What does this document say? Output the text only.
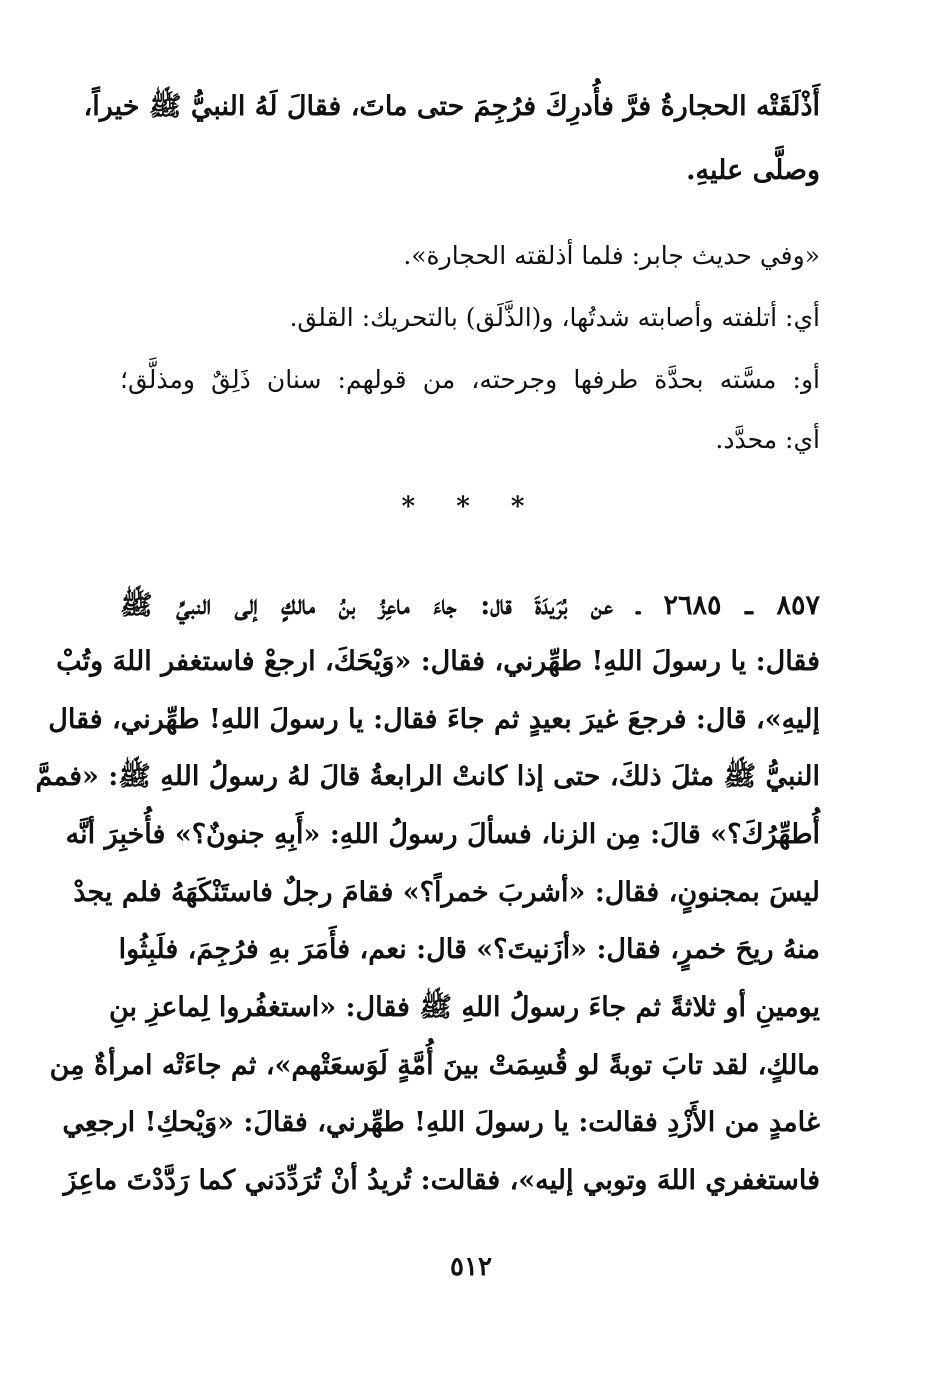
أَذْلَقَتْه الحجارةُ فرَّ فأُدرِكَ فرُجِمَ حتى ماتَ، فقالَ لَهُ النبيُّ ﷺ خيراً،
وصلَّى عليهِ.
«وفي حديث جابر: فلما أذلقته الحجارة».
أي: أتلفته وأصابته شدتُها، و(الذَّلَق) بالتحريك: القلق.
أو: مسَّته بحدَّة طرفها وجرحته، من قولهم: سنان ذَلِقٌ ومذلَّق؛
أي: محدَّد.
* * *
٨٥٧ ـ ٢٦٨٥ ـ عن بُرَيدَةَ قال: جاءَ ماعِزُ بنُ مالكٍ إلى النبيِّ ﷺ
فقال: يا رسولَ اللهِ! طهِّرني، فقال: «وَيْحَكَ، ارجعْ فاستغفر اللهَ وتُبْ
إليهِ»، قال: فرجعَ غيرَ بعيدٍ ثم جاءَ فقال: يا رسولَ اللهِ! طهِّرني، فقال
النبيُّ ﷺ مثلَ ذلكَ، حتى إذا كانتْ الرابعةُ قالَ لهُ رسولُ اللهِ ﷺ: «فممَّ
أُطهِّرُكَ؟» قالَ: مِن الزنا، فسألَ رسولُ اللهِ: «أَبِهِ جنونٌ؟» فأُخبِرَ أنَّه
ليسَ بمجنونٍ، فقال: «أشربَ خمراً؟» فقامَ رجلٌ فاستَنْكَهَهُ فلم يجدْ
منهُ ريحَ خمرٍ، فقال: «أزَنيتَ؟» قال: نعم، فأَمَرَ بهِ فرُجِمَ، فلَبِثُوا
يومينِ أو ثلاثةً ثم جاءَ رسولُ اللهِ ﷺ فقال: «استغفُروا لِماعزِ بنِ
مالكٍ، لقد تابَ توبةً لو قُسِمَتْ بينَ أُمَّةٍ لَوَسعَتْهم»، ثم جاءَتْه امرأةٌ مِن
غامدٍ من الأَزْدِ فقالت: يا رسولَ اللهِ! طهِّرني، فقالَ: «وَيْحكِ! ارجعِي
فاستغفري اللهَ وتوبي إليه»، فقالت: تُريدُ أنْ تُرَدِّدَني كما رَدَّدْتَ ماعِزَ
٥١٢
